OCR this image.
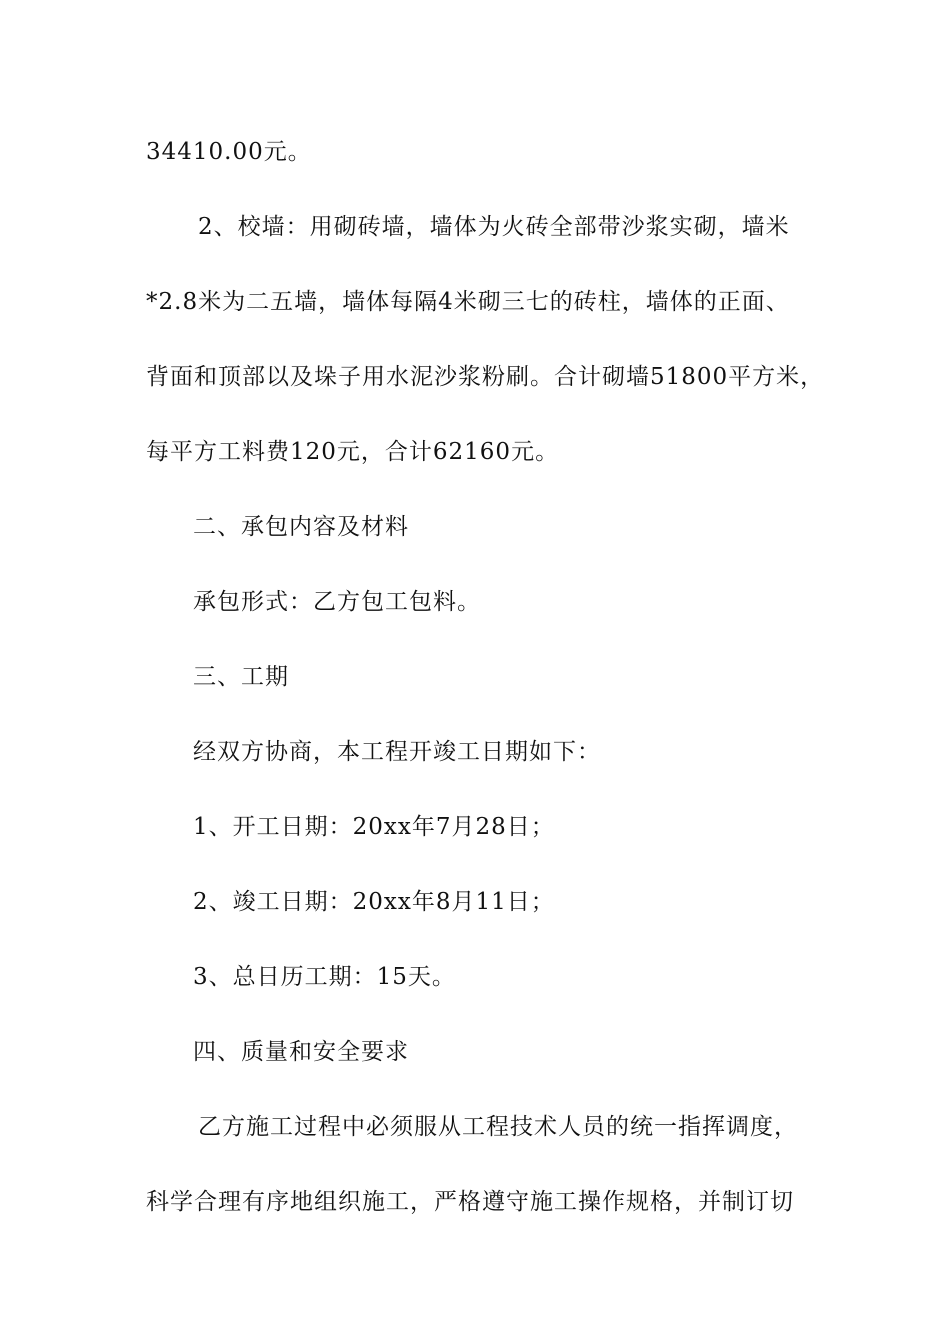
34410.00元。
2、校墙：用砌砖墙，墙体为火砖全部带沙浆实砌，墙米
*2.8米为二五墙，墙体每隔4米砌三七的砖柱，墙体的正面、
背面和顶部以及垛子用水泥沙浆粉刷。合计砌墙51800平方米，
每平方工料费120元，合计62160元。
二、承包内容及材料
承包形式：乙方包工包料。
三、工期
经双方协商，本工程开竣工日期如下：
1、开工日期：20xx年7月28日；
2、竣工日期：20xx年8月11日；
3、总日历工期：15天。
四、质量和安全要求
乙方施工过程中必须服从工程技术人员的统一指挥调度，
科学合理有序地组织施工，严格遵守施工操作规格，并制订切
